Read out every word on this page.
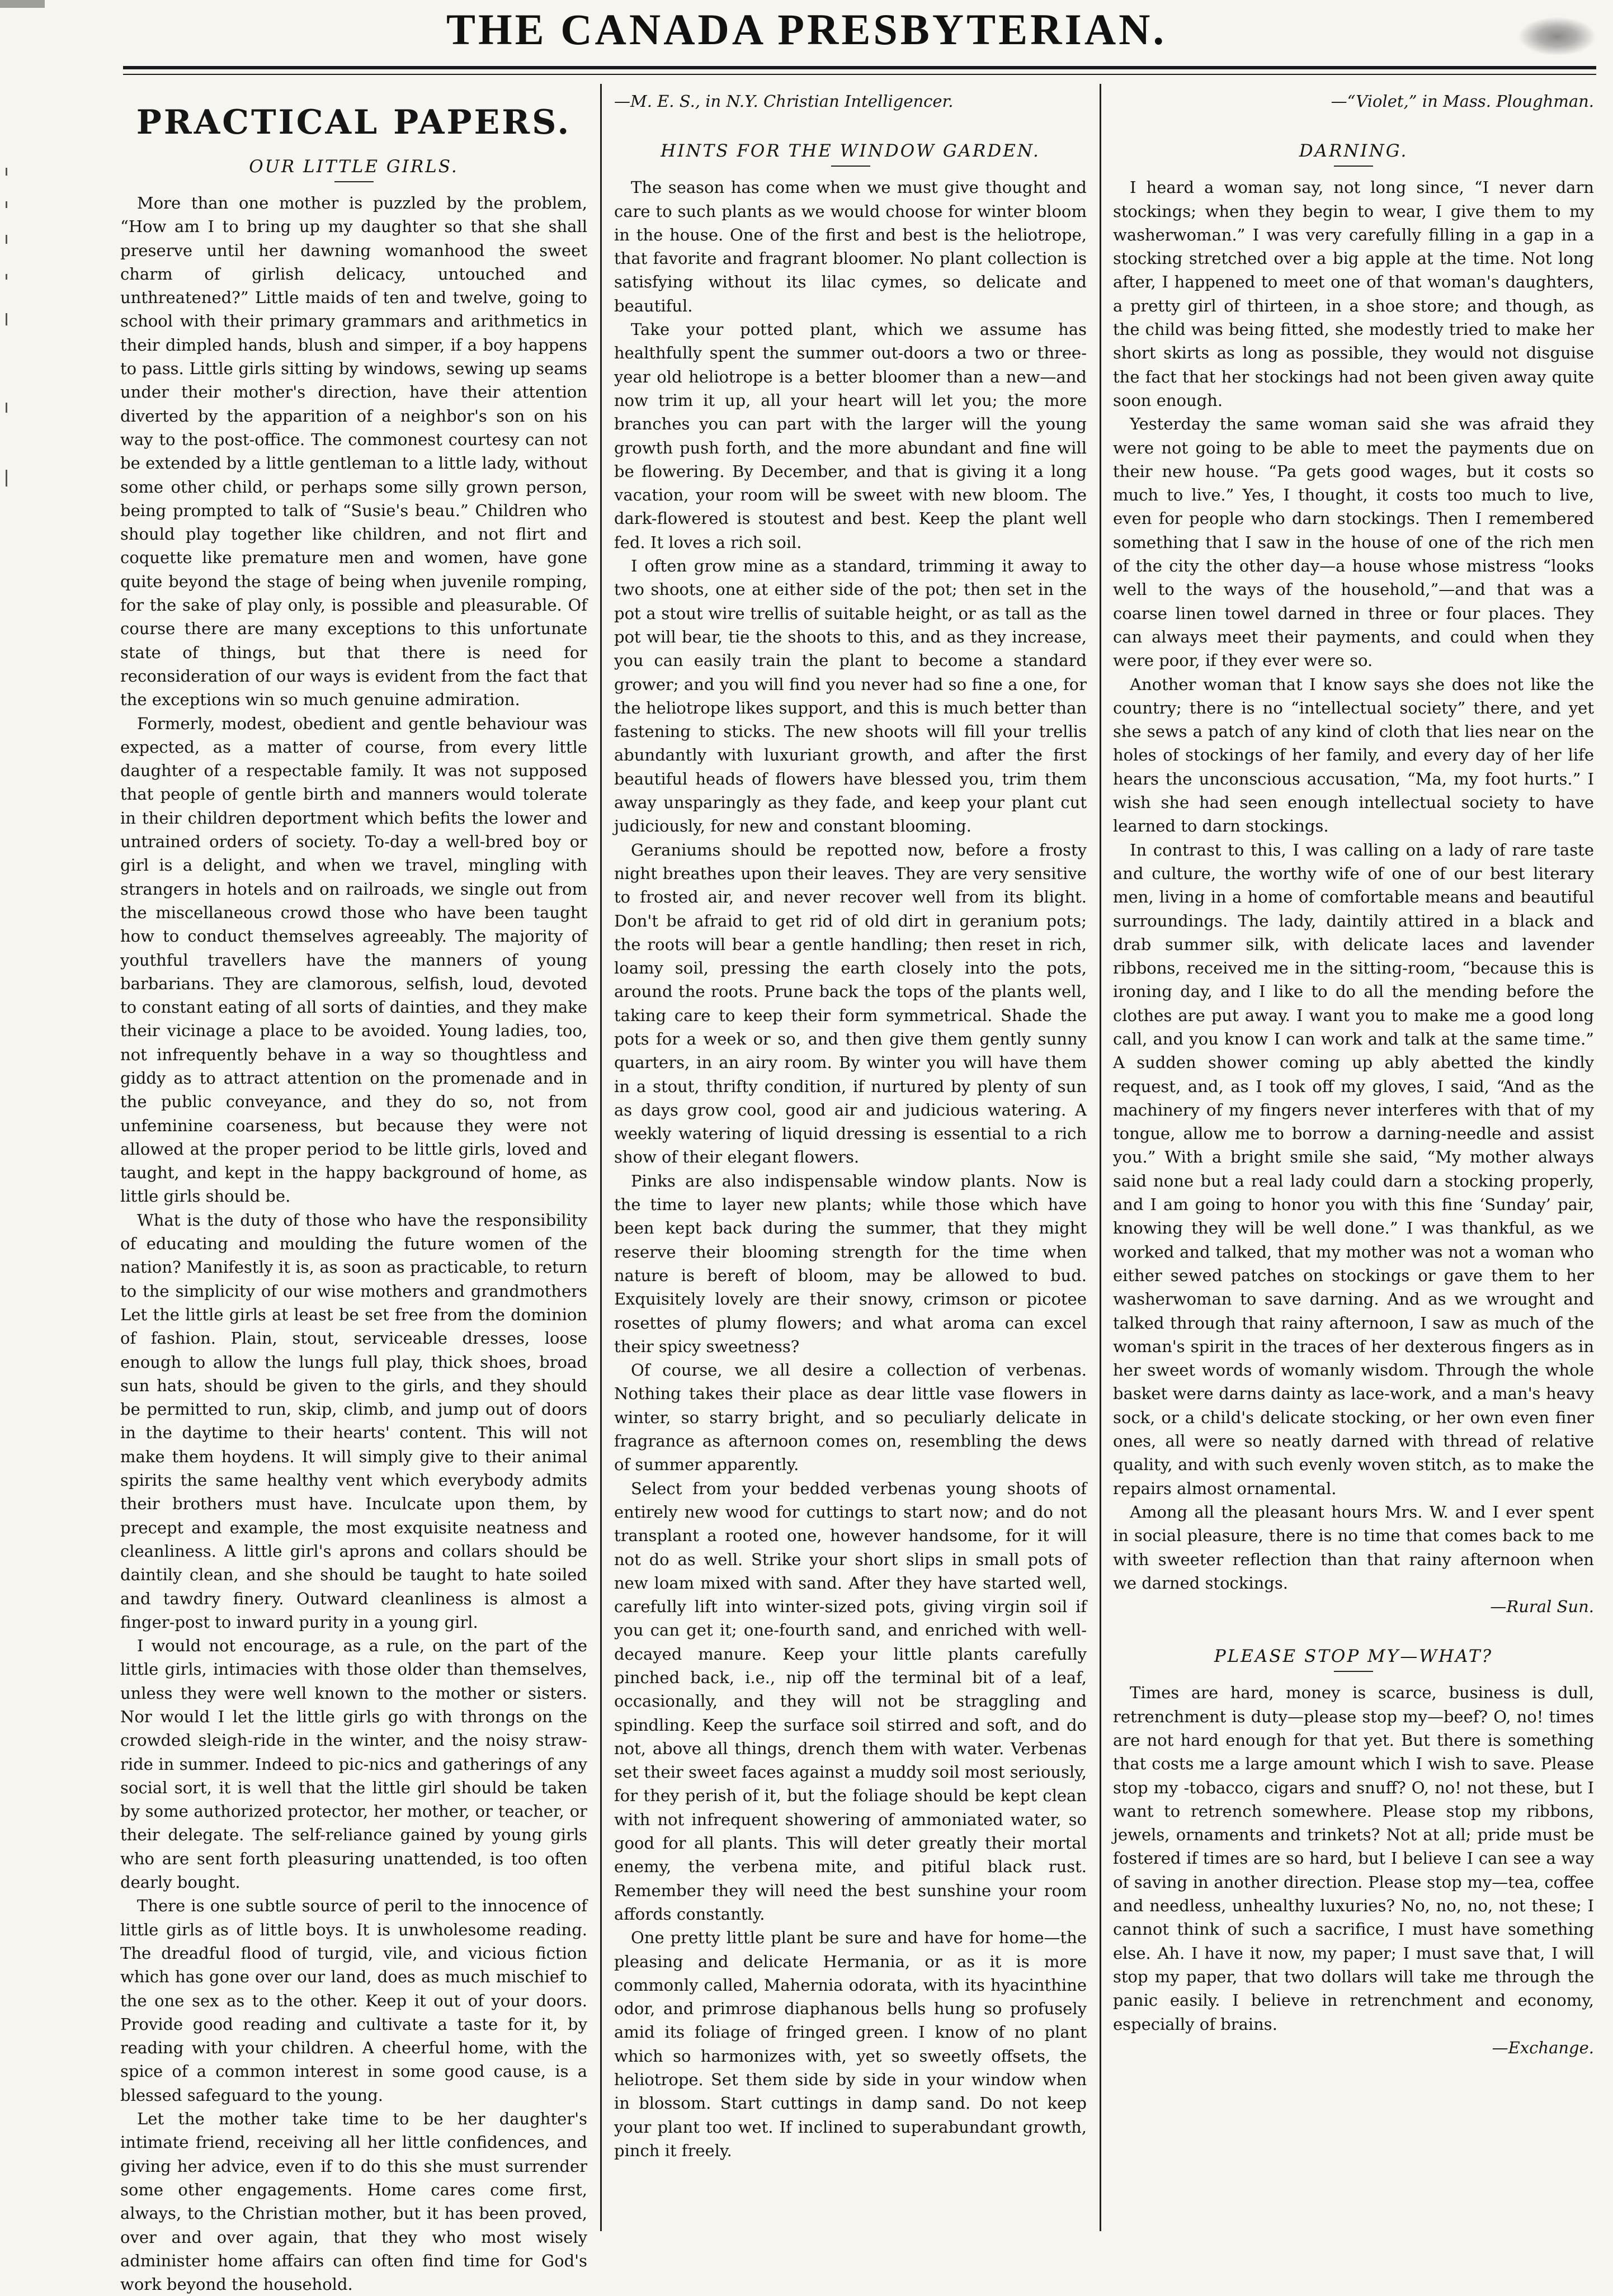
THE CANADA PRESBYTERIAN.
PRACTICAL PAPERS.
OUR LITTLE GIRLS.

More than one mother is puzzled by the problem, “How am I to bring up my daughter so that she shall preserve until her dawning womanhood the sweet charm of girlish delicacy, untouched and unthreatened?” Little maids of ten and twelve, going to school with their primary grammars and arithmetics in their dimpled hands, blush and simper, if a boy happens to pass. Little girls sitting by windows, sewing up seams under their mother's direction, have their attention diverted by the apparition of a neighbor's son on his way to the post-office. The commonest courtesy can not be extended by a little gentleman to a little lady, without some other child, or perhaps some silly grown person, being prompted to talk of “Susie's beau.” Children who should play together like children, and not flirt and coquette like premature men and women, have gone quite beyond the stage of being when juvenile romping, for the sake of play only, is possible and pleasurable. Of course there are many exceptions to this unfortunate state of things, but that there is need for reconsideration of our ways is evident from the fact that the exceptions win so much genuine admiration.

Formerly, modest, obedient and gentle behaviour was expected, as a matter of course, from every little daughter of a respectable family. It was not supposed that people of gentle birth and manners would tolerate in their children deportment which befits the lower and untrained orders of society. To-day a well-bred boy or girl is a delight, and when we travel, mingling with strangers in hotels and on railroads, we single out from the miscellaneous crowd those who have been taught how to conduct themselves agreeably. The majority of youthful travellers have the manners of young barbarians. They are clamorous, selfish, loud, devoted to constant eating of all sorts of dainties, and they make their vicinage a place to be avoided. Young ladies, too, not infrequently behave in a way so thoughtless and giddy as to attract attention on the promenade and in the public conveyance, and they do so, not from unfeminine coarseness, but because they were not allowed at the proper period to be little girls, loved and taught, and kept in the happy background of home, as little girls should be.

What is the duty of those who have the responsibility of educating and moulding the future women of the nation? Manifestly it is, as soon as practicable, to return to the simplicity of our wise mothers and grandmothers Let the little girls at least be set free from the dominion of fashion. Plain, stout, serviceable dresses, loose enough to allow the lungs full play, thick shoes, broad sun hats, should be given to the girls, and they should be permitted to run, skip, climb, and jump out of doors in the daytime to their hearts' content. This will not make them hoydens. It will simply give to their animal spirits the same healthy vent which everybody admits their brothers must have. Inculcate upon them, by precept and example, the most exquisite neatness and cleanliness. A little girl's aprons and collars should be daintily clean, and she should be taught to hate soiled and tawdry finery. Outward cleanliness is almost a finger-post to inward purity in a young girl.

I would not encourage, as a rule, on the part of the little girls, intimacies with those older than themselves, unless they were well known to the mother or sisters. Nor would I let the little girls go with throngs on the crowded sleigh-ride in the winter, and the noisy straw-ride in summer. Indeed to pic-nics and gatherings of any social sort, it is well that the little girl should be taken by some authorized protector, her mother, or teacher, or their delegate. The self-reliance gained by young girls who are sent forth pleasuring unattended, is too often dearly bought.

There is one subtle source of peril to the innocence of little girls as of little boys. It is unwholesome reading. The dreadful flood of turgid, vile, and vicious fiction which has gone over our land, does as much mischief to the one sex as to the other. Keep it out of your doors. Provide good reading and cultivate a taste for it, by reading with your children. A cheerful home, with the spice of a common interest in some good cause, is a blessed safeguard to the young.

Let the mother take time to be her daughter's intimate friend, receiving all her little confidences, and giving her advice, even if to do this she must surrender some other engagements. Home cares come first, always, to the Christian mother, but it has been proved, over and over again, that they who most wisely administer home affairs can often find time for God's work beyond the household.

—M. E. S., in N.Y. Christian Intelligencer.

HINTS FOR THE WINDOW GARDEN.

The season has come when we must give thought and care to such plants as we would choose for winter bloom in the house. One of the first and best is the heliotrope, that favorite and fragrant bloomer. No plant collection is satisfying without its lilac cymes, so delicate and beautiful.

Take your potted plant, which we assume has healthfully spent the summer out-doors a two or three-year old heliotrope is a better bloomer than a new—and now trim it up, all your heart will let you; the more branches you can part with the larger will the young growth push forth, and the more abundant and fine will be flowering. By December, and that is giving it a long vacation, your room will be sweet with new bloom. The dark-flowered is stoutest and best. Keep the plant well fed. It loves a rich soil.

I often grow mine as a standard, trimming it away to two shoots, one at either side of the pot; then set in the pot a stout wire trellis of suitable height, or as tall as the pot will bear, tie the shoots to this, and as they increase, you can easily train the plant to become a standard grower; and you will find you never had so fine a one, for the heliotrope likes support, and this is much better than fastening to sticks. The new shoots will fill your trellis abundantly with luxuriant growth, and after the first beautiful heads of flowers have blessed you, trim them away unsparingly as they fade, and keep your plant cut judiciously, for new and constant blooming.

Geraniums should be repotted now, before a frosty night breathes upon their leaves. They are very sensitive to frosted air, and never recover well from its blight. Don't be afraid to get rid of old dirt in geranium pots; the roots will bear a gentle handling; then reset in rich, loamy soil, pressing the earth closely into the pots, around the roots. Prune back the tops of the plants well, taking care to keep their form symmetrical. Shade the pots for a week or so, and then give them gently sunny quarters, in an airy room. By winter you will have them in a stout, thrifty condition, if nurtured by plenty of sun as days grow cool, good air and judicious watering. A weekly watering of liquid dressing is essential to a rich show of their elegant flowers.

Pinks are also indispensable window plants. Now is the time to layer new plants; while those which have been kept back during the summer, that they might reserve their blooming strength for the time when nature is bereft of bloom, may be allowed to bud. Exquisitely lovely are their snowy, crimson or picotee rosettes of plumy flowers; and what aroma can excel their spicy sweetness?

Of course, we all desire a collection of verbenas. Nothing takes their place as dear little vase flowers in winter, so starry bright, and so peculiarly delicate in fragrance as afternoon comes on, resembling the dews of summer apparently.

Select from your bedded verbenas young shoots of entirely new wood for cuttings to start now; and do not transplant a rooted one, however handsome, for it will not do as well. Strike your short slips in small pots of new loam mixed with sand. After they have started well, carefully lift into winter-sized pots, giving virgin soil if you can get it; one-fourth sand, and enriched with well-decayed manure. Keep your little plants carefully pinched back, i.e., nip off the terminal bit of a leaf, occasionally, and they will not be straggling and spindling. Keep the surface soil stirred and soft, and do not, above all things, drench them with water. Verbenas set their sweet faces against a muddy soil most seriously, for they perish of it, but the foliage should be kept clean with not infrequent showering of ammoniated water, so good for all plants. This will deter greatly their mortal enemy, the verbena mite, and pitiful black rust. Remember they will need the best sunshine your room affords constantly.

One pretty little plant be sure and have for home—the pleasing and delicate Hermania, or as it is more commonly called, Mahernia odorata, with its hyacinthine odor, and primrose diaphanous bells hung so profusely amid its foliage of fringed green. I know of no plant which so harmonizes with, yet so sweetly offsets, the heliotrope. Set them side by side in your window when in blossom. Start cuttings in damp sand. Do not keep your plant too wet. If inclined to superabundant growth, pinch it freely.

—“Violet,” in Mass. Ploughman.

DARNING.

I heard a woman say, not long since, “I never darn stockings; when they begin to wear, I give them to my washerwoman.” I was very carefully filling in a gap in a stocking stretched over a big apple at the time. Not long after, I happened to meet one of that woman's daughters, a pretty girl of thirteen, in a shoe store; and though, as the child was being fitted, she modestly tried to make her short skirts as long as possible, they would not disguise the fact that her stockings had not been given away quite soon enough.

Yesterday the same woman said she was afraid they were not going to be able to meet the payments due on their new house. “Pa gets good wages, but it costs so much to live.” Yes, I thought, it costs too much to live, even for people who darn stockings. Then I remembered something that I saw in the house of one of the rich men of the city the other day—a house whose mistress “looks well to the ways of the household,”—and that was a coarse linen towel darned in three or four places. They can always meet their payments, and could when they were poor, if they ever were so.

Another woman that I know says she does not like the country; there is no “intellectual society” there, and yet she sews a patch of any kind of cloth that lies near on the holes of stockings of her family, and every day of her life hears the unconscious accusation, “Ma, my foot hurts.” I wish she had seen enough intellectual society to have learned to darn stockings.

In contrast to this, I was calling on a lady of rare taste and culture, the worthy wife of one of our best literary men, living in a home of comfortable means and beautiful surroundings. The lady, daintily attired in a black and drab summer silk, with delicate laces and lavender ribbons, received me in the sitting-room, “because this is ironing day, and I like to do all the mending before the clothes are put away. I want you to make me a good long call, and you know I can work and talk at the same time.” A sudden shower coming up ably abetted the kindly request, and, as I took off my gloves, I said, “And as the machinery of my fingers never interferes with that of my tongue, allow me to borrow a darning-needle and assist you.” With a bright smile she said, “My mother always said none but a real lady could darn a stocking properly, and I am going to honor you with this fine ‘Sunday’ pair, knowing they will be well done.” I was thankful, as we worked and talked, that my mother was not a woman who either sewed patches on stockings or gave them to her washerwoman to save darning. And as we wrought and talked through that rainy afternoon, I saw as much of the woman's spirit in the traces of her dexterous fingers as in her sweet words of womanly wisdom. Through the whole basket were darns dainty as lace-work, and a man's heavy sock, or a child's delicate stocking, or her own even finer ones, all were so neatly darned with thread of relative quality, and with such evenly woven stitch, as to make the repairs almost ornamental.

Among all the pleasant hours Mrs. W. and I ever spent in social pleasure, there is no time that comes back to me with sweeter reflection than that rainy afternoon when we darned stockings.

—Rural Sun.

PLEASE STOP MY—WHAT?

Times are hard, money is scarce, business is dull, retrenchment is duty—please stop my—beef? O, no! times are not hard enough for that yet. But there is something that costs me a large amount which I wish to save. Please stop my -tobacco, cigars and snuff? O, no! not these, but I want to retrench somewhere. Please stop my ribbons, jewels, ornaments and trinkets? Not at all; pride must be fostered if times are so hard, but I believe I can see a way of saving in another direction. Please stop my—tea, coffee and needless, unhealthy luxuries? No, no, no, not these; I cannot think of such a sacrifice, I must have something else. Ah. I have it now, my paper; I must save that, I will stop my paper, that two dollars will take me through the panic easily. I believe in retrenchment and economy, especially of brains.

—Exchange.
